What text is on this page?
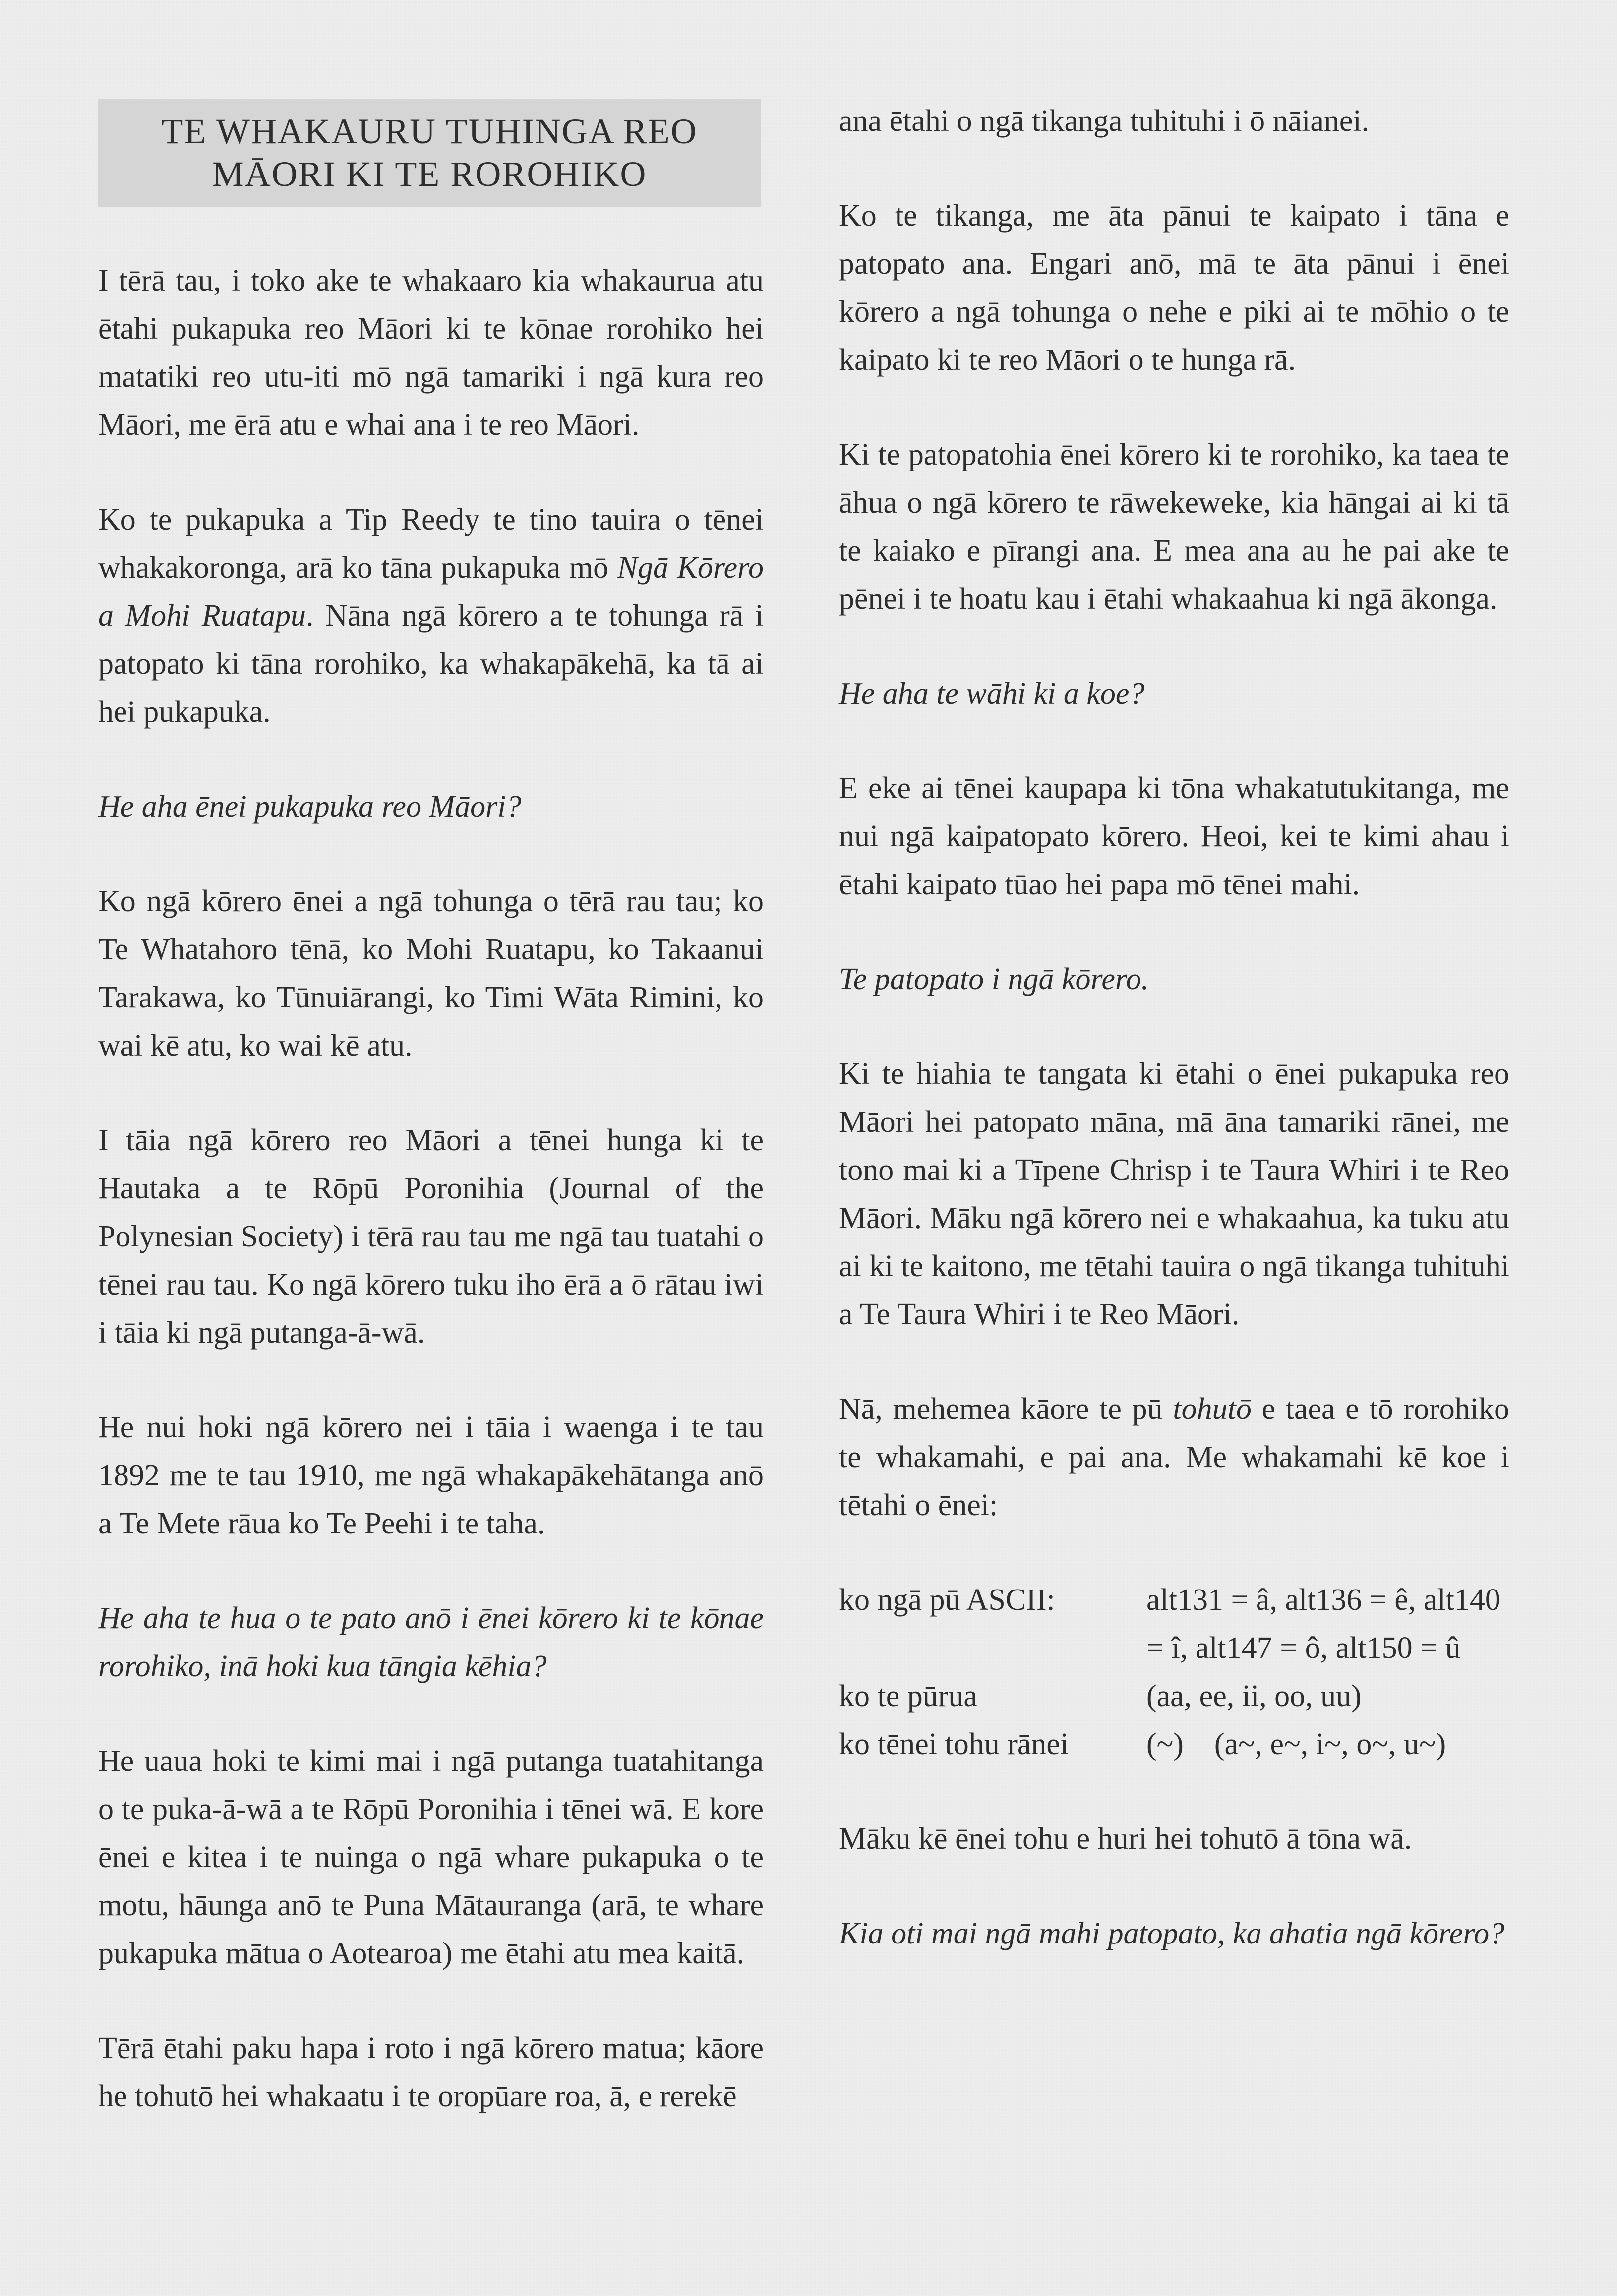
TE WHAKAURU TUHINGA REO
MĀORI KI TE ROROHIKO

I tērā tau, i toko ake te whakaaro kia whakaurua atu ētahi pukapuka reo Māori ki te kōnae rorohiko hei matatiki reo utu-iti mō ngā tamariki i ngā kura reo Māori, me ērā atu e whai ana i te reo Māori.

Ko te pukapuka a Tip Reedy te tino tauira o tēnei whakakoronga, arā ko tāna pukapuka mō Ngā Kōrero a Mohi Ruatapu. Nāna ngā kōrero a te tohunga rā i patopato ki tāna rorohiko, ka whakapākehā, ka tā ai hei pukapuka.

He aha ēnei pukapuka reo Māori?

Ko ngā kōrero ēnei a ngā tohunga o tērā rau tau; ko Te Whatahoro tēnā, ko Mohi Ruatapu, ko Takaanui Tarakawa, ko Tūnuiārangi, ko Timi Wāta Rimini, ko wai kē atu, ko wai kē atu.

I tāia ngā kōrero reo Māori a tēnei hunga ki te Hautaka a te Rōpū Poronihia (Journal of the Polynesian Society) i tērā rau tau me ngā tau tuatahi o tēnei rau tau. Ko ngā kōrero tuku iho ērā a ō rātau iwi i tāia ki ngā putanga-ā-wā.

He nui hoki ngā kōrero nei i tāia i waenga i te tau 1892 me te tau 1910, me ngā whakapākehātanga anō a Te Mete rāua ko Te Peehi i te taha.

He aha te hua o te pato anō i ēnei kōrero ki te kōnae rorohiko, inā hoki kua tāngia kēhia?

He uaua hoki te kimi mai i ngā putanga tuatahitanga o te puka-ā-wā a te Rōpū Poronihia i tēnei wā. E kore ēnei e kitea i te nuinga o ngā whare pukapuka o te motu, hāunga anō te Puna Mātauranga (arā, te whare pukapuka mātua o Aotearoa) me ētahi atu mea kaitā.

Tērā ētahi paku hapa i roto i ngā kōrero matua; kāore he tohutō hei whakaatu i te oropūare roa, ā, e rerekē

ana ētahi o ngā tikanga tuhituhi i ō nāianei.

Ko te tikanga, me āta pānui te kaipato i tāna e patopato ana. Engari anō, mā te āta pānui i ēnei kōrero a ngā tohunga o nehe e piki ai te mōhio o te kaipato ki te reo Māori o te hunga rā.

Ki te patopatohia ēnei kōrero ki te rorohiko, ka taea te āhua o ngā kōrero te rāwekeweke, kia hāngai ai ki tā te kaiako e pīrangi ana. E mea ana au he pai ake te pēnei i te hoatu kau i ētahi whakaahua ki ngā ākonga.

He aha te wāhi ki a koe?

E eke ai tēnei kaupapa ki tōna whakatutukitanga, me nui ngā kaipatopato kōrero. Heoi, kei te kimi ahau i ētahi kaipato tūao hei papa mō tēnei mahi.

Te patopato i ngā kōrero.

Ki te hiahia te tangata ki ētahi o ēnei pukapuka reo Māori hei patopato māna, mā āna tamariki rānei, me tono mai ki a Tīpene Chrisp i te Taura Whiri i te Reo Māori. Māku ngā kōrero nei e whakaahua, ka tuku atu ai ki te kaitono, me tētahi tauira o ngā tikanga tuhituhi a Te Taura Whiri i te Reo Māori.

Nā, mehemea kāore te pū tohutō e taea e tō rorohiko te whakamahi, e pai ana. Me whakamahi kē koe i tētahi o ēnei:

ko ngā pū ASCII:	alt131 = â, alt136 = ê, alt140
= î, alt147 = ô, alt150 = û
ko te pūrua	(aa, ee, ii, oo, uu)
ko tēnei tohu rānei	(~)    (a~, e~, i~, o~, u~)

Māku kē ēnei tohu e huri hei tohutō ā tōna wā.

Kia oti mai ngā mahi patopato, ka ahatia ngā kōrero?
